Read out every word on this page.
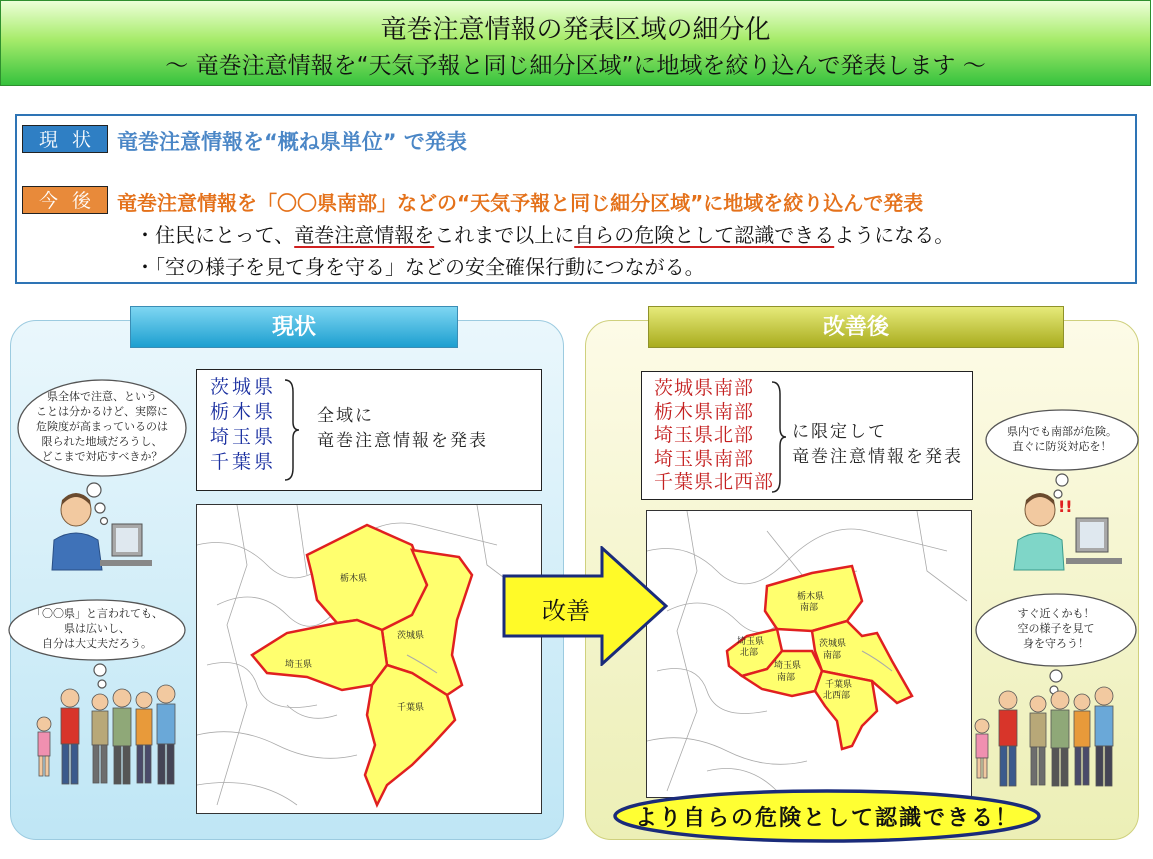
竜巻注意情報の発表区域の細分化
～ 竜巻注意情報を“天気予報と同じ細分区域”に地域を絞り込んで発表します ～
現状 竜巻注意情報を“概ね県単位” で発表
今後 竜巻注意情報を「〇〇県南部」などの“天気予報と同じ細分区域”に地域を絞り込んで発表
・住民にとって、竜巻注意情報をこれまで以上に自らの危険として認識できるようになる。
・「空の様子を見て身を守る」などの安全確保行動につながる。
現状	改善後
茨城県
栃木県
埼玉県
千葉県
全域に
竜巻注意情報を発表
茨城県南部
栃木県南部
埼玉県北部
埼玉県南部
千葉県北西部
に限定して
竜巻注意情報を発表
栃木県
茨城県
埼玉県
千葉県
栃木県
南部
埼玉県
北部
茨城県
南部
埼玉県
南部
千葉県
北西部
改善
県全体で注意、という
ことは分かるけど、実際に
危険度が高まっているのは
限られた地域だろうし、
どこまで対応すべきか？
「〇〇県」と言われても、
県は広いし、
自分は大丈夫だろう。
県内でも南部が危険。
直ぐに防災対応を！
すぐ近くかも！
空の様子を見て
身を守ろう！
!!
より自らの危険として認識できる！
